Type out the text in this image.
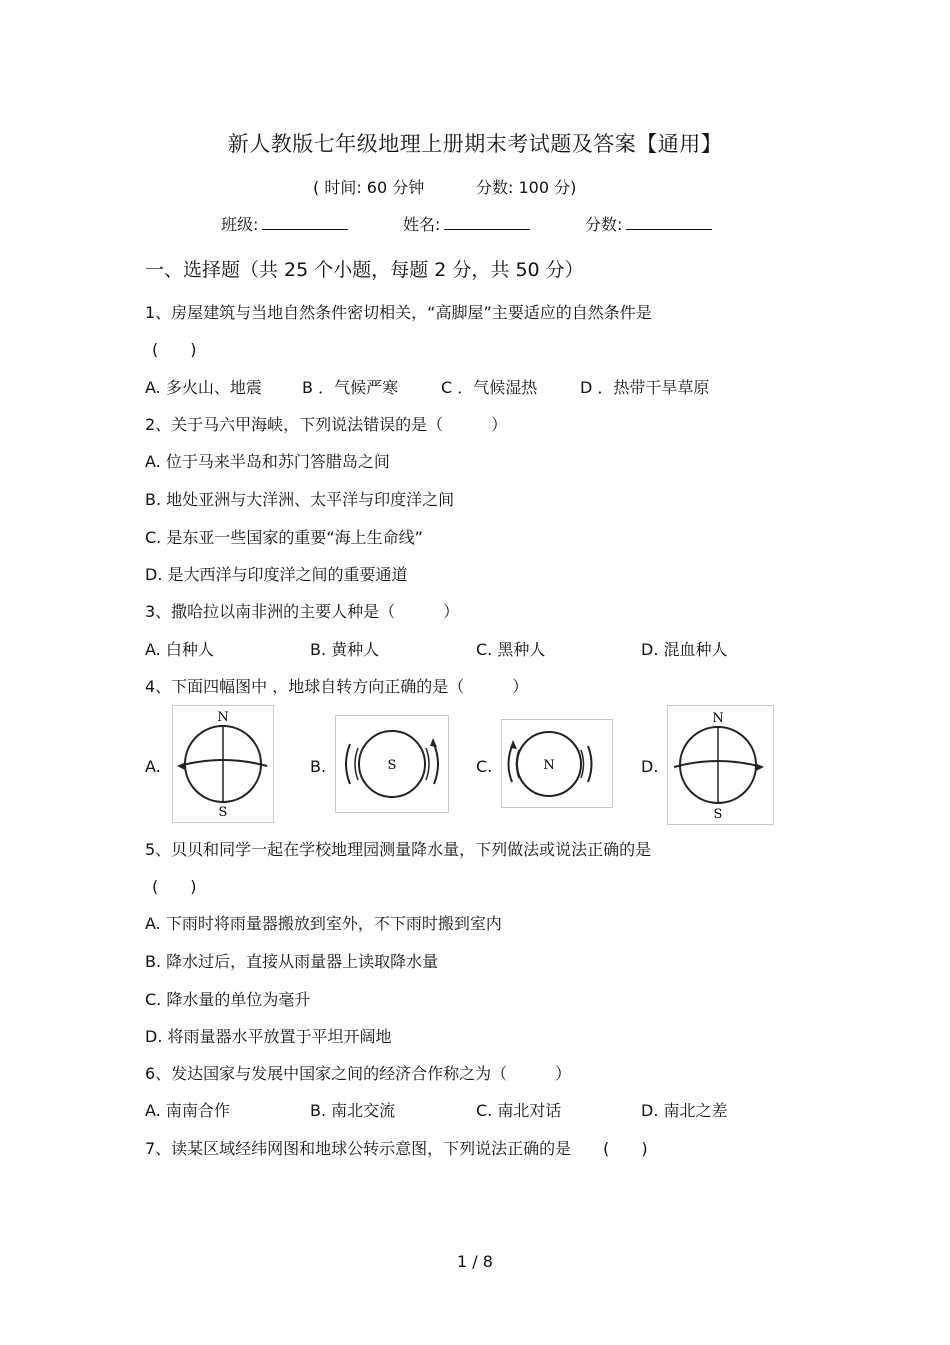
新人教版七年级地理上册期末考试题及答案【通用】
( 时间: 60 分钟	分数: 100 分)
班级:	姓名:	分数:
一、选择题（共 25 个小题，每题 2 分，共 50 分）
1、房屋建筑与当地自然条件密切相关，“高脚屋”主要适应的自然条件是
(　　)
A. 多火山、地震	B ．气候严寒	C ．气候湿热	D ．热带干旱草原
2、关于马六甲海峡，下列说法错误的是（　　　）
A. 位于马来半岛和苏门答腊岛之间
B. 地处亚洲与大洋洲、太平洋与印度洋之间
C. 是东亚一些国家的重要“海上生命线”
D. 是大西洋与印度洋之间的重要通道
3、撒哈拉以南非洲的主要人种是（　　　）
A. 白种人	B. 黄种人	C. 黑种人	D. 混血种人
4、下面四幅图中 ，地球自转方向正确的是（　　　）
A.
N
S
B.	S	C.	N	D.
N
S
5、贝贝和同学一起在学校地理园测量降水量，下列做法或说法正确的是
(　　)
A. 下雨时将雨量器搬放到室外，不下雨时搬到室内
B. 降水过后，直接从雨量器上读取降水量
C. 降水量的单位为毫升
D. 将雨量器水平放置于平坦开阔地
6、发达国家与发展中国家之间的经济合作称之为（　　　）
A. 南南合作	B. 南北交流	C. 南北对话	D. 南北之差
7、读某区域经纬网图和地球公转示意图，下列说法正确的是　　(　　)
1 / 8
